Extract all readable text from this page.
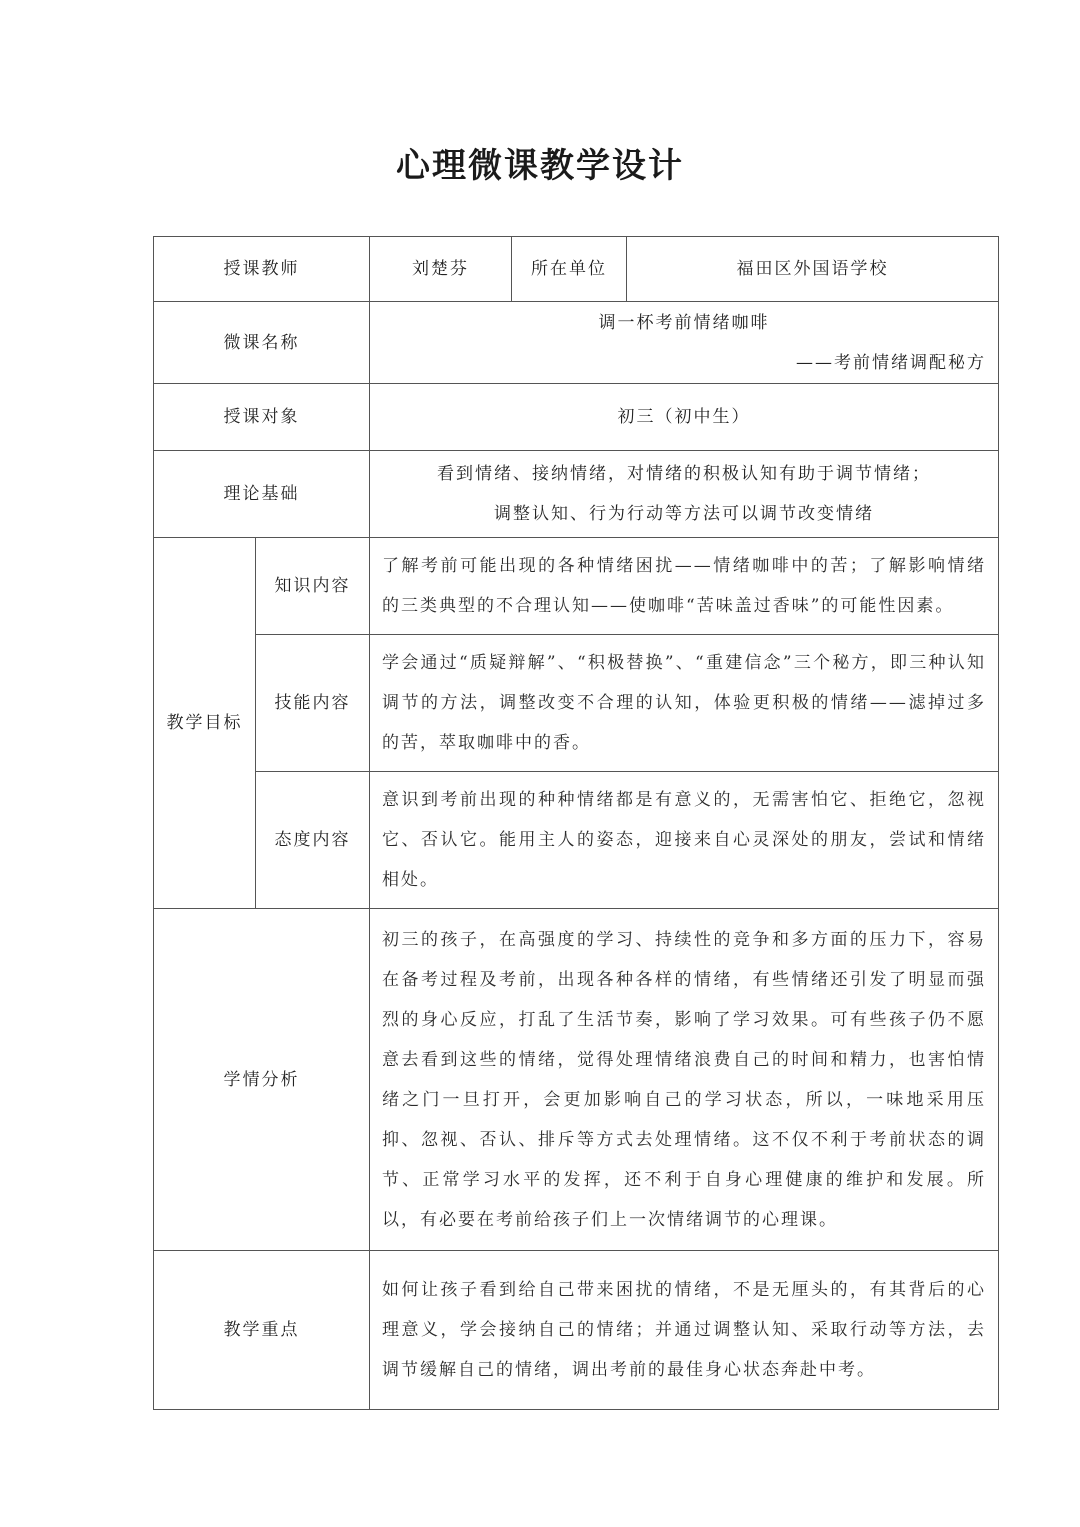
心理微课教学设计
授课教师		刘楚芬	所在单位	福田区外国语学校
微课名称		调一杯考前情绪咖啡
——考前情绪调配秘方		

授课对象		初三（初中生）		
理论基础		看到情绪、接纳情绪，对情绪的积极认知有助于调节情绪；
调整认知、行为行动等方法可以调节改变情绪		

教学目标	知识内容	了解考前可能出现的各种情绪困扰——情绪咖啡中的苦；了解影响情绪的三类典型的不合理认知——使咖啡“苦味盖过香味”的可能性因素。		
	技能内容	学会通过“质疑辩解”、“积极替换”、“重建信念”三个秘方，即三种认知调节的方法，调整改变不合理的认知，体验更积极的情绪——滤掉过多的苦，萃取咖啡中的香。		
	态度内容	意识到考前出现的种种情绪都是有意义的，无需害怕它、拒绝它，忽视它、否认它。能用主人的姿态，迎接来自心灵深处的朋友，尝试和情绪相处。		
学情分析		初三的孩子，在高强度的学习、持续性的竞争和多方面的压力下，容易在备考过程及考前，出现各种各样的情绪，有些情绪还引发了明显而强烈的身心反应，打乱了生活节奏，影响了学习效果。可有些孩子仍不愿意去看到这些的情绪，觉得处理情绪浪费自己的时间和精力，也害怕情绪之门一旦打开，会更加影响自己的学习状态，所以，一味地采用压抑、忽视、否认、排斥等方式去处理情绪。这不仅不利于考前状态的调节、正常学习水平的发挥，还不利于自身心理健康的维护和发展。所以，有必要在考前给孩子们上一次情绪调节的心理课。		
教学重点		如何让孩子看到给自己带来困扰的情绪，不是无厘头的，有其背后的心理意义，学会接纳自己的情绪；并通过调整认知、采取行动等方法，去调节缓解自己的情绪，调出考前的最佳身心状态奔赴中考。		
